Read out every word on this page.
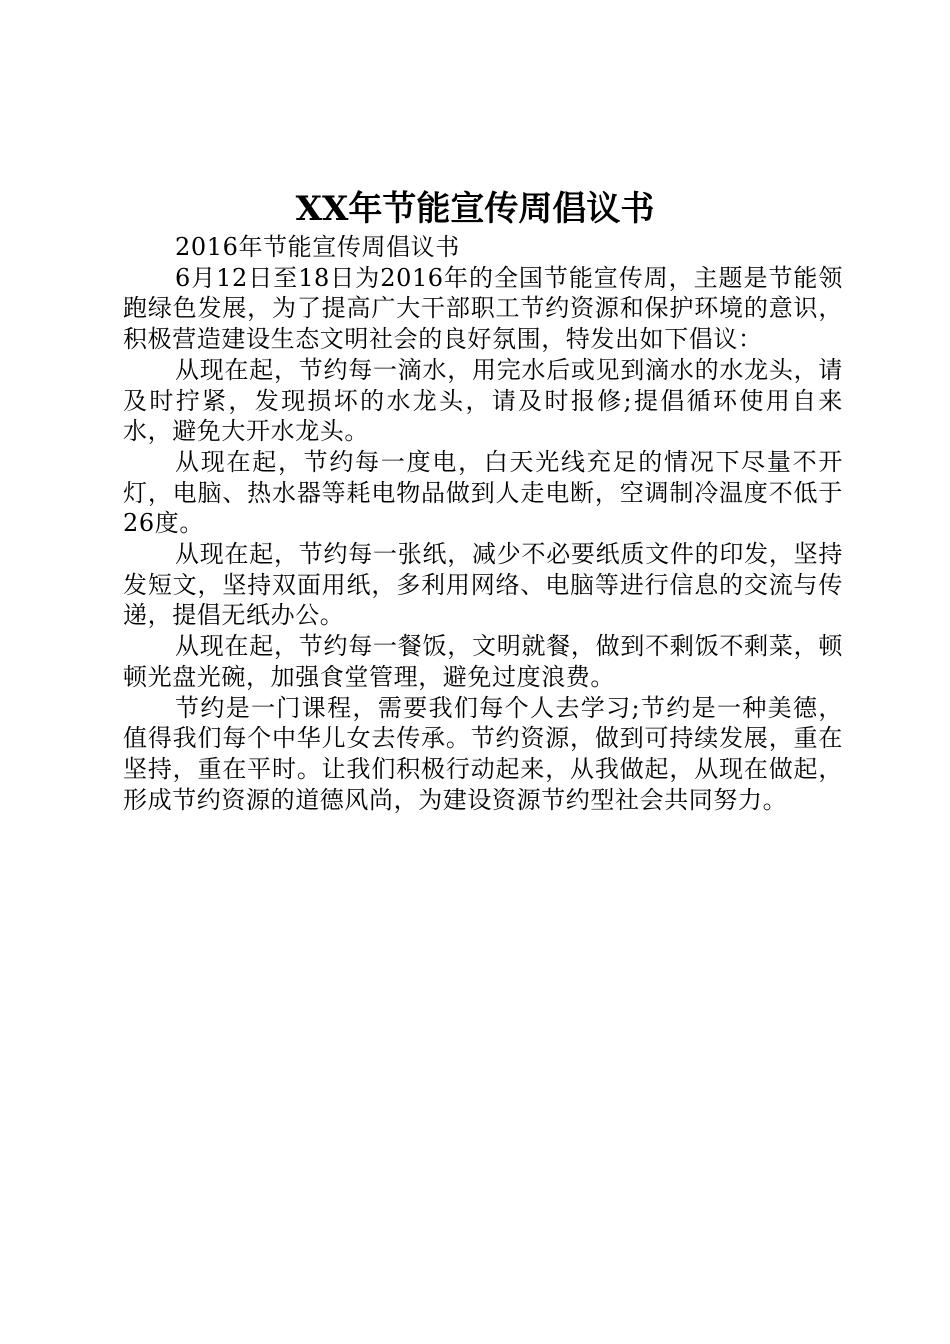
XX年节能宣传周倡议书

2016年节能宣传周倡议书

6月12日至18日为2016年的全国节能宣传周，主题是节能领跑绿色发展，为了提高广大干部职工节约资源和保护环境的意识，积极营造建设生态文明社会的良好氛围，特发出如下倡议：

从现在起，节约每一滴水，用完水后或见到滴水的水龙头，请及时拧紧，发现损坏的水龙头，请及时报修;提倡循环使用自来水，避免大开水龙头。

从现在起，节约每一度电，白天光线充足的情况下尽量不开灯，电脑、热水器等耗电物品做到人走电断，空调制冷温度不低于26度。

从现在起，节约每一张纸，减少不必要纸质文件的印发，坚持发短文，坚持双面用纸，多利用网络、电脑等进行信息的交流与传递，提倡无纸办公。

从现在起，节约每一餐饭，文明就餐，做到不剩饭不剩菜，顿顿光盘光碗，加强食堂管理，避免过度浪费。

节约是一门课程，需要我们每个人去学习;节约是一种美德，值得我们每个中华儿女去传承。节约资源，做到可持续发展，重在坚持，重在平时。让我们积极行动起来，从我做起，从现在做起，形成节约资源的道德风尚，为建设资源节约型社会共同努力。
